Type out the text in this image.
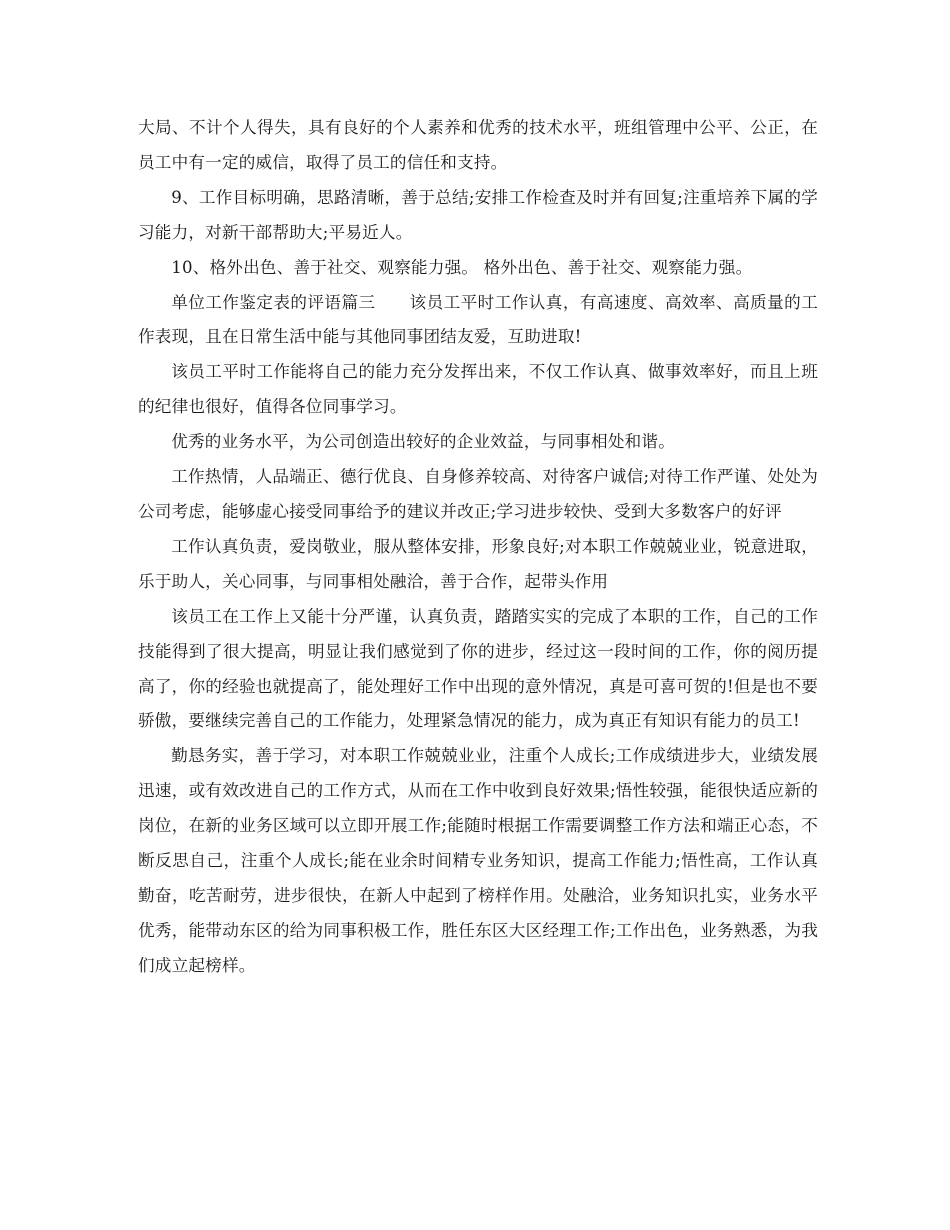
大局、不计个人得失，具有良好的个人素养和优秀的技术水平，班组管理中公平、公正，在员工中有一定的威信，取得了员工的信任和支持。

9、工作目标明确，思路清晰，善于总结;安排工作检查及时并有回复;注重培养下属的学习能力，对新干部帮助大;平易近人。

10、格外出色、善于社交、观察能力强。 格外出色、善于社交、观察能力强。

单位工作鉴定表的评语篇三　　该员工平时工作认真，有高速度、高效率、高质量的工作表现，且在日常生活中能与其他同事团结友爱，互助进取!

该员工平时工作能将自己的能力充分发挥出来，不仅工作认真、做事效率好，而且上班的纪律也很好，值得各位同事学习。

优秀的业务水平，为公司创造出较好的企业效益，与同事相处和谐。

工作热情，人品端正、德行优良、自身修养较高、对待客户诚信;对待工作严谨、处处为公司考虑，能够虚心接受同事给予的建议并改正;学习进步较快、受到大多数客户的好评

工作认真负责，爱岗敬业，服从整体安排，形象良好;对本职工作兢兢业业，锐意进取，乐于助人，关心同事，与同事相处融洽，善于合作，起带头作用

该员工在工作上又能十分严谨，认真负责，踏踏实实的完成了本职的工作，自己的工作技能得到了很大提高，明显让我们感觉到了你的进步，经过这一段时间的工作，你的阅历提高了，你的经验也就提高了，能处理好工作中出现的意外情况，真是可喜可贺的!但是也不要骄傲，要继续完善自己的工作能力，处理紧急情况的能力，成为真正有知识有能力的员工!

勤恳务实，善于学习，对本职工作兢兢业业，注重个人成长;工作成绩进步大，业绩发展迅速，或有效改进自己的工作方式，从而在工作中收到良好效果;悟性较强，能很快适应新的岗位，在新的业务区域可以立即开展工作;能随时根据工作需要调整工作方法和端正心态，不断反思自己，注重个人成长;能在业余时间精专业务知识，提高工作能力;悟性高，工作认真勤奋，吃苦耐劳，进步很快，在新人中起到了榜样作用。处融洽，业务知识扎实，业务水平优秀，能带动东区的给为同事积极工作，胜任东区大区经理工作;工作出色，业务熟悉，为我们成立起榜样。
